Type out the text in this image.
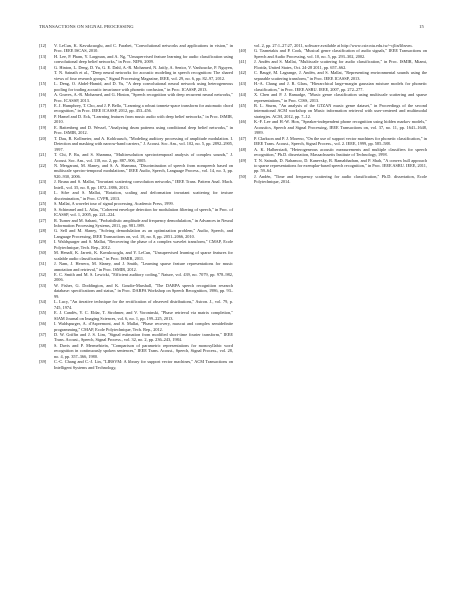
TRANSACTIONS ON SIGNAL PROCESSING	15
[12]	V. LeCun, K. Kavukcuoglu, and C. Farabet, "Convolutional networks and applications in vision," in Proc. IEEE ISCAS, 2010.
[13]	H. Lee, P. Pham, Y. Largman, and A. Ng, "Unsupervised feature learning for audio classification using convolutional deep belief networks," in Proc. NIPS, 2009.
[14]	G. Hinton, L. Deng, D. Yu, G. E. Dahl, A.-R. Mohamed, N. Jaitly, A. Senior, V. Vanhoucke, P. Nguyen, T. N. Sainath et al., "Deep neural networks for acoustic modeling in speech recognition: The shared views of four research groups," Signal Processing Magazine, IEEE, vol. 29, no. 6, pp. 82–97, 2012.
[15]	L. Deng, O. Abdel-Hamid, and D. Yu, "A deep convolutional neural network using heterogeneous pooling for trading acoustic invariance with phonetic confusion," in Proc. ICASSP, 2013.
[16]	A. Graves, A.-R. Mohamed, and G. Hinton, "Speech recognition with deep recurrent neural networks," Proc. ICASSP, 2013.
[17]	E. J. Humphrey, T. Cho, and J. P. Bello, "Learning a robust tonnetz-space transform for automatic chord recognition," in Proc. IEEE ICASSP, 2012, pp. 453–456.
[18]	P. Hamel and D. Eck, "Learning features from music audio with deep belief networks," in Proc. ISMIR, 2010.
[19]	E. Battenberg and D. Wessel, "Analyzing drum patterns using conditional deep belief networks," in Proc. ISMIR, 2012.
[20]	T. Dau, B. Kollmeier, and A. Kohlrausch, "Modeling auditory processing of amplitude modulation. I. Detection and masking with narrow-band carriers," J. Acoust. Soc. Am., vol. 102, no. 5, pp. 2892–2905, 1997.
[21]	T. Chi, P. Ru, and S. Shamma, "Multiresolution spectrotemporal analysis of complex sounds," J. Acoust. Soc. Am., vol. 118, no. 2, pp. 887–906, 2005.
[22]	N. Mesgarani, M. Slaney, and S. A. Shamma, "Discrimination of speech from nonspeech based on multiscale spectro-temporal modulations," IEEE Audio, Speech, Language Process., vol. 14, no. 3, pp. 920–930, 2006.
[23]	J. Bruna and S. Mallat, "Invariant scattering convolution networks," IEEE Trans. Pattern Anal. Mach. Intell., vol. 35, no. 8, pp. 1872–1886, 2013.
[24]	L. Sifre and S. Mallat, "Rotation, scaling and deformation invariant scattering for texture discrimination," in Proc. CVPR, 2013.
[25]	S. Mallat, A wavelet tour of signal processing. Academic Press, 1999.
[26]	S. Schimmel and L. Atlas, "Coherent envelope detection for modulation filtering of speech," in Proc. of ICASSP, vol. 1, 2005, pp. 221–224.
[27]	R. Turner and M. Sahani, "Probabilistic amplitude and frequency demodulation," in Advances in Neural Information Processing Systems, 2011, pp. 981–989.
[28]	G. Sell and M. Slaney, "Solving demodulation as an optimization problem," Audio, Speech, and Language Processing, IEEE Transactions on, vol. 18, no. 8, pp. 2051–2066, 2010.
[29]	I. Waldspurger and S. Mallat, "Recovering the phase of a complex wavelet transform," CMAP, Ecole Polytechnique, Tech. Rep., 2012.
[30]	M. Henaff, K. Jarrett, K. Kavukcuoglu, and Y. LeCun, "Unsupervised learning of sparse features for scalable audio classification," in Proc. ISMIR, 2011.
[31]	J. Nam, J. Herrera, M. Slaney, and J. Smith, "Learning sparse feature representations for music annotation and retrieval," in Proc. ISMIR, 2012.
[32]	E. C. Smith and M. S. Lewicki, "Efficient auditory coding," Nature, vol. 439, no. 7079, pp. 978–982, 2006.
[33]	W. Fisher, G. Doddington, and K. Goudie-Marshall, "The DARPA speech recognition research database: specifications and status," in Proc. DARPA Workshop on Speech Recognition, 1986, pp. 93–99.
[34]	L. Lucy, "An iterative technique for the rectification of observed distributions," Astron. J., vol. 79, p. 745, 1974.
[35]	E. J. Candès, Y. C. Eldar, T. Strohmer, and V. Voroninski, "Phase retrieval via matrix completion," SIAM Journal on Imaging Sciences, vol. 6, no. 1, pp. 199–225, 2013.
[36]	I. Waldspurger, A. d'Aspremont, and S. Mallat, "Phase recovery, maxcut and complex semidefinite programming," CMAP, Ecole Polytechnique, Tech. Rep., 2012.
[37]	D. W. Griffin and J. S. Lim, "Signal estimation from modified short-time fourier transform," IEEE Trans. Acoust., Speech, Signal Process., vol. 32, no. 2, pp. 236–243, 1984.
[38]	S. Davis and P. Mermelstein, "Comparison of parametric representations for monosyllabic word recognition in continuously spoken sentences," IEEE Trans. Acoust., Speech, Signal Process., vol. 28, no. 4, pp. 357–366, 1980.
[39]	C.-C. Chang and C.-J. Lin, "LIBSVM: A library for support vector machines," ACM Transactions on Intelligent Systems and Technology,
vol. 2, pp. 27:1–27:27, 2011, software available at http://www.csie.ntu.edu.tw/~cjlin/libsvm.
[40]	G. Tzanetakis and P. Cook, "Musical genre classification of audio signals," IEEE Transactions on Speech and Audio Processing, vol. 10, no. 5, pp. 293–302, 2002.
[41]	J. Andén and S. Mallat, "Multiscale scattering for audio classification," in Proc. ISMIR, Miami, Florida, United States, Oct. 24-28 2011, pp. 657–662.
[42]	C. Baugé, M. Lagrange, J. Andén, and S. Mallat, "Representing environmental sounds using the separable scattering transform," in Proc. IEEE ICASSP, 2013.
[43]	H.-A. Chang and J. R. Glass, "Hierarchical large-margin gaussian mixture models for phonetic classification," in Proc. IEEE ASRU. IEEE, 2007, pp. 272–277.
[44]	X. Chen and P. J. Ramadge, "Music genre classification using multiscale scattering and sparse representations," in Proc. CISS, 2013.
[45]	B. L. Sturm, "An analysis of the GTZAN music genre dataset," in Proceedings of the second international ACM workshop on Music information retrieval with user-centered and multimodal strategies. ACM, 2012, pp. 7–12.
[46]	K.-F. Lee and H.-W. Hon, "Speaker-independent phone recognition using hidden markov models," Acoustics, Speech and Signal Processing, IEEE Transactions on, vol. 37, no. 11, pp. 1641–1648, 1989.
[47]	P. Clarkson and P. J. Moreno, "On the use of support vector machines for phonetic classification," in IEEE Trans. Acoust., Speech, Signal Process., vol. 2. IEEE, 1999, pp. 585–588.
[48]	A. K. Halberstadt, "Heterogeneous acoustic measurements and multiple classifiers for speech recognition," Ph.D. dissertation, Massachusetts Institute of Technology, 1998.
[49]	T. N. Sainath, D. Nahamoo, D. Kanevsky, B. Ramabhadran, and P. Shah, "A convex hull approach to sparse representations for exemplar-based speech recognition," in Proc. IEEE ASRU. IEEE, 2011, pp. 59–64.
[50]	J. Andén, "Time and frequency scattering for audio classification," Ph.D. dissertation, Ecole Polytechnique, 2014.
